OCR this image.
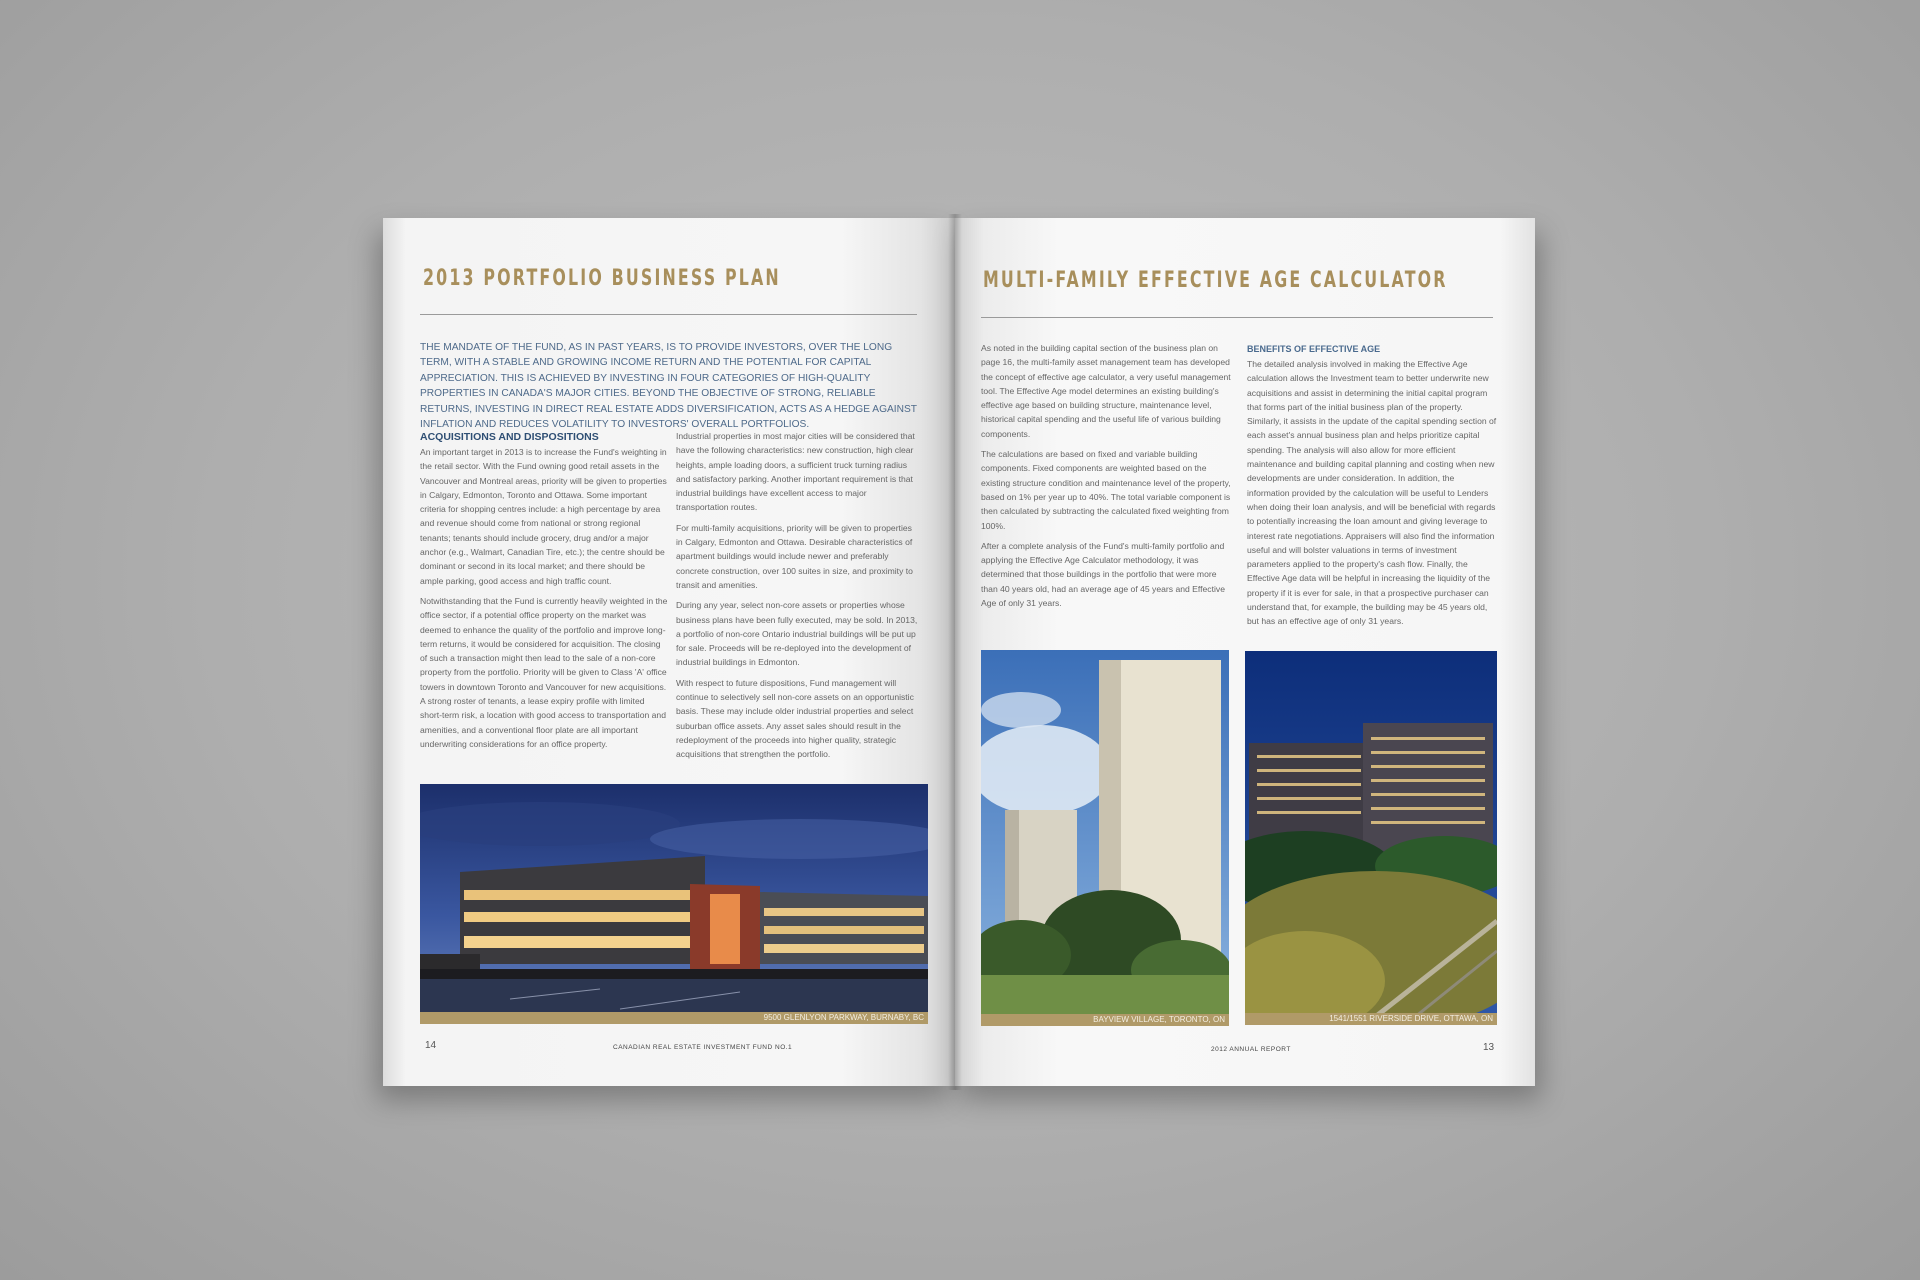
2013 PORTFOLIO BUSINESS PLAN
THE MANDATE OF THE FUND, AS IN PAST YEARS, IS TO PROVIDE INVESTORS, OVER THE LONG TERM, WITH A STABLE AND GROWING INCOME RETURN AND THE POTENTIAL FOR CAPITAL APPRECIATION. THIS IS ACHIEVED BY INVESTING IN FOUR CATEGORIES OF HIGH-QUALITY PROPERTIES IN CANADA'S MAJOR CITIES. BEYOND THE OBJECTIVE OF STRONG, RELIABLE RETURNS, INVESTING IN DIRECT REAL ESTATE ADDS DIVERSIFICATION, ACTS AS A HEDGE AGAINST INFLATION AND REDUCES VOLATILITY TO INVESTORS' OVERALL PORTFOLIOS.
ACQUISITIONS AND DISPOSITIONS

An important target in 2013 is to increase the Fund's weighting in the retail sector. With the Fund owning good retail assets in the Vancouver and Montreal areas, priority will be given to properties in Calgary, Edmonton, Toronto and Ottawa. Some important criteria for shopping centres include: a high percentage by area and revenue should come from national or strong regional tenants; tenants should include grocery, drug and/or a major anchor (e.g., Walmart, Canadian Tire, etc.); the centre should be dominant or second in its local market; and there should be ample parking, good access and high traffic count.

Notwithstanding that the Fund is currently heavily weighted in the office sector, if a potential office property on the market was deemed to enhance the quality of the portfolio and improve long-term returns, it would be considered for acquisition. The closing of such a transaction might then lead to the sale of a non-core property from the portfolio. Priority will be given to Class 'A' office towers in downtown Toronto and Vancouver for new acquisitions. A strong roster of tenants, a lease expiry profile with limited short-term risk, a location with good access to transportation and amenities, and a conventional floor plate are all important underwriting considerations for an office property.

Industrial properties in most major cities will be considered that have the following characteristics: new construction, high clear heights, ample loading doors, a sufficient truck turning radius and satisfactory parking. Another important requirement is that industrial buildings have excellent access to major transportation routes.

For multi-family acquisitions, priority will be given to properties in Calgary, Edmonton and Ottawa. Desirable characteristics of apartment buildings would include newer and preferably concrete construction, over 100 suites in size, and proximity to transit and amenities.

During any year, select non-core assets or properties whose business plans have been fully executed, may be sold. In 2013, a portfolio of non-core Ontario industrial buildings will be put up for sale. Proceeds will be re-deployed into the development of industrial buildings in Edmonton.

With respect to future dispositions, Fund management will continue to selectively sell non-core assets on an opportunistic basis. These may include older industrial properties and select suburban office assets. Any asset sales should result in the redeployment of the proceeds into higher quality, strategic acquisitions that strengthen the portfolio.

9500 GLENLYON PARKWAY, BURNABY, BC
14	CANADIAN REAL ESTATE INVESTMENT FUND NO.1
MULTI-FAMILY EFFECTIVE AGE CALCULATOR

As noted in the building capital section of the business plan on page 16, the multi-family asset management team has developed the concept of effective age calculator, a very useful management tool. The Effective Age model determines an existing building's effective age based on building structure, maintenance level, historical capital spending and the useful life of various building components.

The calculations are based on fixed and variable building components. Fixed components are weighted based on the existing structure condition and maintenance level of the property, based on 1% per year up to 40%. The total variable component is then calculated by subtracting the calculated fixed weighting from 100%.

After a complete analysis of the Fund's multi-family portfolio and applying the Effective Age Calculator methodology, it was determined that those buildings in the portfolio that were more than 40 years old, had an average age of 45 years and Effective Age of only 31 years.

BENEFITS OF EFFECTIVE AGE

The detailed analysis involved in making the Effective Age calculation allows the Investment team to better underwrite new acquisitions and assist in determining the initial capital program that forms part of the initial business plan of the property. Similarly, it assists in the update of the capital spending section of each asset's annual business plan and helps prioritize capital spending. The analysis will also allow for more efficient maintenance and building capital planning and costing when new developments are under consideration. In addition, the information provided by the calculation will be useful to Lenders when doing their loan analysis, and will be beneficial with regards to potentially increasing the loan amount and giving leverage to interest rate negotiations. Appraisers will also find the information useful and will bolster valuations in terms of investment parameters applied to the property's cash flow. Finally, the Effective Age data will be helpful in increasing the liquidity of the property if it is ever for sale, in that a prospective purchaser can understand that, for example, the building may be 45 years old, but has an effective age of only 31 years.

BAYVIEW VILLAGE, TORONTO, ON	1541/1551 RIVERSIDE DRIVE, OTTAWA, ON
2012 ANNUAL REPORT	13
